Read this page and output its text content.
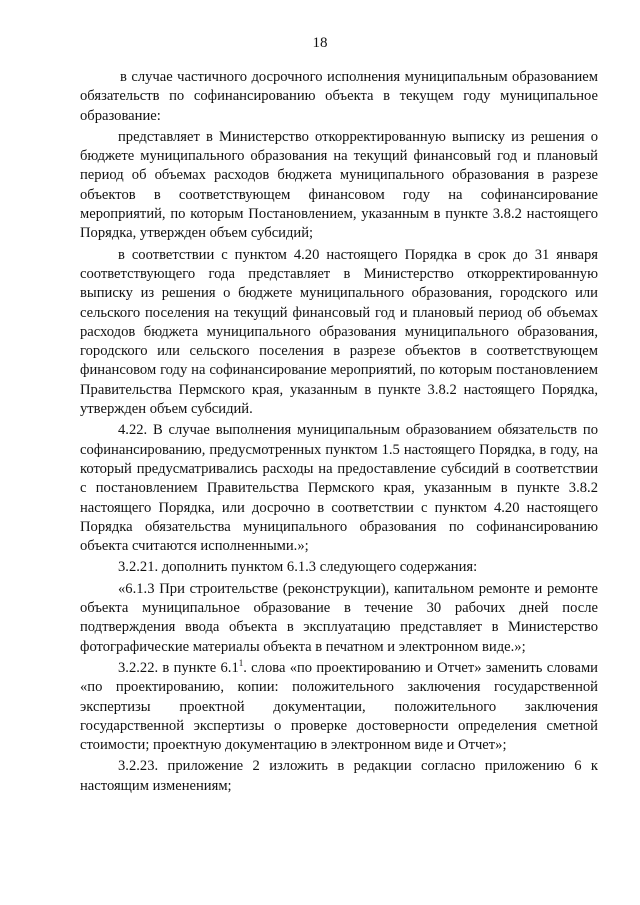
18

в случае частичного досрочного исполнения муниципальным образованием обязательств по софинансированию объекта в текущем году муниципальное образование:

представляет в Министерство откорректированную выписку из решения о бюджете муниципального образования на текущий финансовый год и плановый период об объемах расходов бюджета муниципального образования в разрезе объектов в соответствующем финансовом году на софинансирование мероприятий, по которым Постановлением, указанным в пункте 3.8.2 настоящего Порядка, утвержден объем субсидий;

в соответствии с пунктом 4.20 настоящего Порядка в срок до 31 января соответствующего года представляет в Министерство откорректированную выписку из решения о бюджете муниципального образования, городского или сельского поселения на текущий финансовый год и плановый период об объемах расходов бюджета муниципального образования муниципального образования, городского или сельского поселения в разрезе объектов в соответствующем финансовом году на софинансирование мероприятий, по которым постановлением Правительства Пермского края, указанным в пункте 3.8.2 настоящего Порядка, утвержден объем субсидий.

4.22. В случае выполнения муниципальным образованием обязательств по софинансированию, предусмотренных пунктом 1.5 настоящего Порядка, в году, на который предусматривались расходы на предоставление субсидий в соответствии с постановлением Правительства Пермского края, указанным в пункте 3.8.2 настоящего Порядка, или досрочно в соответствии с пунктом 4.20 настоящего Порядка обязательства муниципального образования по софинансированию объекта считаются исполненными.»;

3.2.21. дополнить пунктом 6.1.3 следующего содержания:

«6.1.3 При строительстве (реконструкции), капитальном ремонте и ремонте объекта муниципальное образование в течение 30 рабочих дней после подтверждения ввода объекта в эксплуатацию представляет в Министерство фотографические материалы объекта в печатном и электронном виде.»;

3.2.22. в пункте $6.1^1$. слова «по проектированию и Отчет» заменить словами «по проектированию, копии: положительного заключения государственной экспертизы проектной документации, положительного заключения государственной экспертизы о проверке достоверности определения сметной стоимости; проектную документацию в электронном виде и Отчет»;

3.2.23. приложение 2 изложить в редакции согласно приложению 6 к настоящим изменениям;
